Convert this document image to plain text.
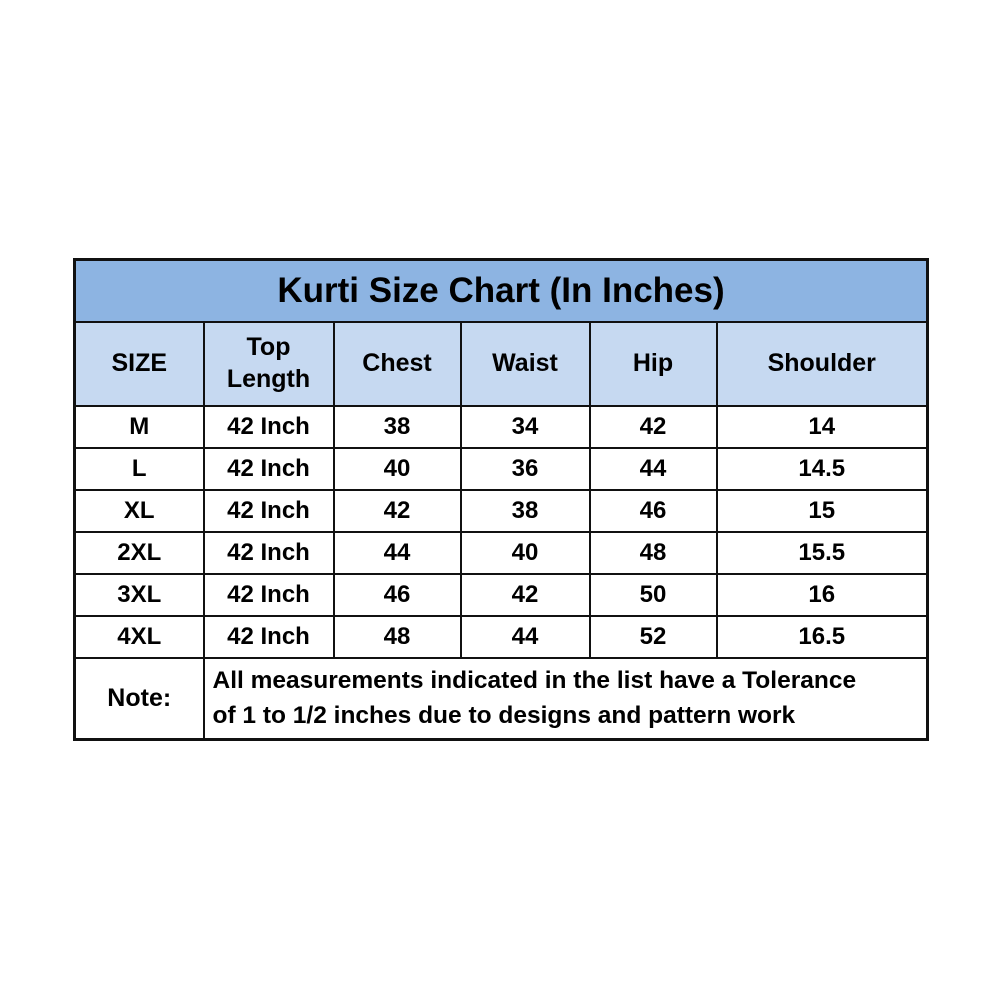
Kurti Size Chart (In Inches)					
SIZE	Top Length	Chest	Waist	Hip	Shoulder
M	42 Inch	38	34	42	14
L	42 Inch	40	36	44	14.5
XL	42 Inch	42	38	46	15
2XL	42 Inch	44	40	48	15.5
3XL	42 Inch	46	42	50	16
4XL	42 Inch	48	44	52	16.5
Note:	All measurements indicated in the list have a Tolerance
of 1 to 1/2 inches due to designs and pattern work				
